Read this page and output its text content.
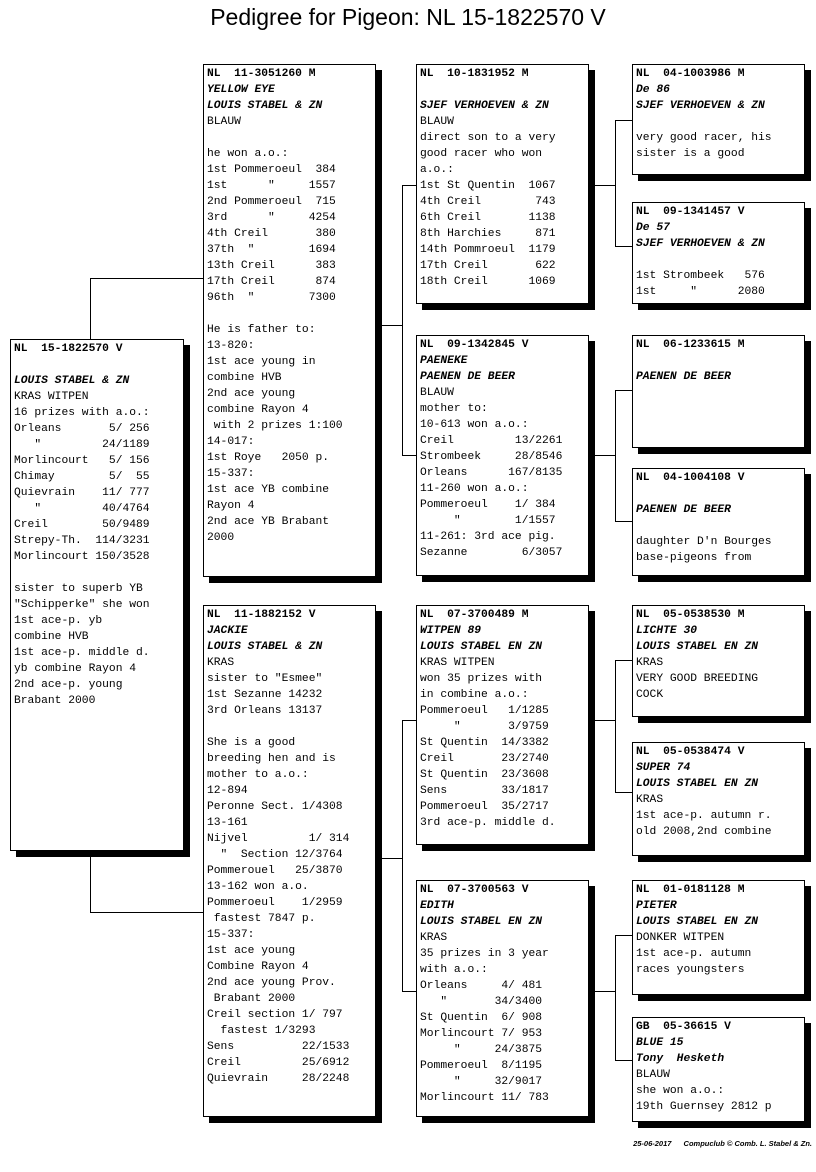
Pedigree for Pigeon: NL 15-1822570 V
NL  15-1822570 V

LOUIS STABEL & ZN
KRAS WITPEN
16 prizes with a.o.:
Orleans       5/ 256
"         24/1189
Morlincourt   5/ 156
Chimay        5/  55
Quievrain    11/ 777
"         40/4764
Creil        50/9489
Strepy-Th.  114/3231
Morlincourt 150/3528

sister to superb YB
"Schipperke" she won
1st ace-p. yb
combine HVB
1st ace-p. middle d.
yb combine Rayon 4
2nd ace-p. young
Brabant 2000
NL  11-3051260 M
YELLOW EYE
LOUIS STABEL & ZN
BLAUW

he won a.o.:
1st Pommeroeul  384
1st      "     1557
2nd Pommeroeul  715
3rd      "     4254
4th Creil       380
37th  "        1694
13th Creil      383
17th Creil      874
96th  "        7300

He is father to:
13-820:
1st ace young in
combine HVB
2nd ace young
combine Rayon 4
with 2 prizes 1:100
14-017:
1st Roye   2050 p.
15-337:
1st ace YB combine
Rayon 4
2nd ace YB Brabant
2000
NL  11-1882152 V
JACKIE
LOUIS STABEL & ZN
KRAS
sister to "Esmee"
1st Sezanne 14232
3rd Orleans 13137

She is a good
breeding hen and is
mother to a.o.:
12-894
Peronne Sect. 1/4308
13-161
Nijvel         1/ 314
"  Section 12/3764
Pommerouel   25/3870
13-162 won a.o.
Pommeroeul    1/2959
fastest 7847 p.
15-337:
1st ace young
Combine Rayon 4
2nd ace young Prov.
Brabant 2000
Creil section 1/ 797
fastest 1/3293
Sens          22/1533
Creil         25/6912
Quievrain     28/2248
NL  10-1831952 M

SJEF VERHOEVEN & ZN
BLAUW
direct son to a very
good racer who won
a.o.:
1st St Quentin  1067
4th Creil        743
6th Creil       1138
8th Harchies     871
14th Pommroeul  1179
17th Creil       622
18th Creil      1069
NL  09-1342845 V
PAENEKE
PAENEN DE BEER
BLAUW
mother to:
10-613 won a.o.:
Creil         13/2261
Strombeek     28/8546
Orleans      167/8135
11-260 won a.o.:
Pommeroeul    1/ 384
"        1/1557
11-261: 3rd ace pig.
Sezanne        6/3057
NL  07-3700489 M
WITPEN 89
LOUIS STABEL EN ZN
KRAS WITPEN
won 35 prizes with
in combine a.o.:
Pommeroeul   1/1285
"       3/9759
St Quentin  14/3382
Creil       23/2740
St Quentin  23/3608
Sens        33/1817
Pommeroeul  35/2717
3rd ace-p. middle d.
NL  07-3700563 V
EDITH
LOUIS STABEL EN ZN
KRAS
35 prizes in 3 year
with a.o.:
Orleans     4/ 481
"       34/3400
St Quentin  6/ 908
Morlincourt 7/ 953
"     24/3875
Pommeroeul  8/1195
"     32/9017
Morlincourt 11/ 783
NL  04-1003986 M
De 86
SJEF VERHOEVEN & ZN

very good racer, his
sister is a good
NL  09-1341457 V
De 57
SJEF VERHOEVEN & ZN

1st Strombeek   576
1st     "      2080
NL  06-1233615 M

PAENEN DE BEER
NL  04-1004108 V

PAENEN DE BEER

daughter D'n Bourges
base-pigeons from
NL  05-0538530 M
LICHTE 30
LOUIS STABEL EN ZN
KRAS
VERY GOOD BREEDING
COCK
NL  05-0538474 V
SUPER 74
LOUIS STABEL EN ZN
KRAS
1st ace-p. autumn r.
old 2008,2nd combine
NL  01-0181128 M
PIETER
LOUIS STABEL EN ZN
DONKER WITPEN
1st ace-p. autumn
races youngsters
GB  05-36615 V
BLUE 15
Tony  Hesketh
BLAUW
she won a.o.:
19th Guernsey 2812 p
25-06-2017 Compuclub © Comb. L. Stabel & Zn.
